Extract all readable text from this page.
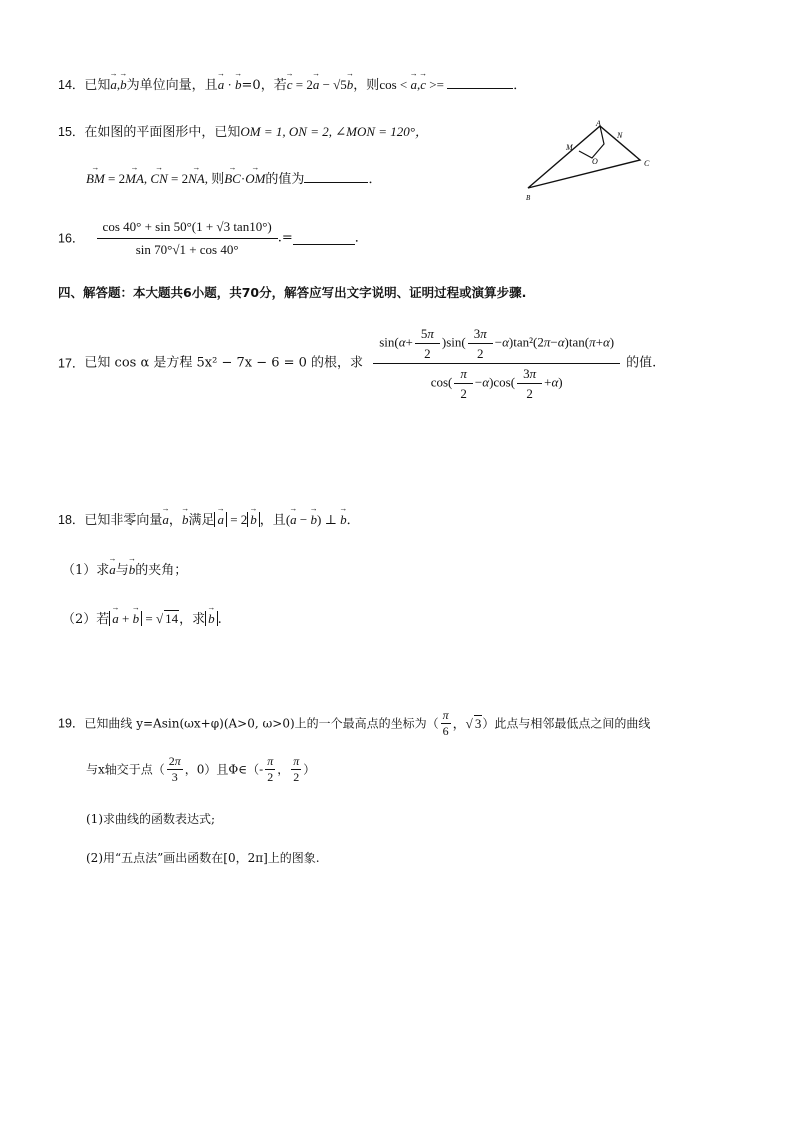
14．已知→ a,→ b为单位向量，且→ a · → b=0，若→ c = 2→ a − √5→ b，则cos < → a,→ c >=	．
15．在如图的平面图形中，已知OM = 1, ON = 2, ∠MON = 120°，
→ BM = 2→ MA, → CN = 2→ NA, 则→ BC·→ OM的值为	．
A
N
M
O	C
B
16． $\frac{\cos 40^\circ + \sin 50^\circ(1 + √3 \tan 10^\circ)}{\sin 70^\circ√1 + \cos 40^\circ}$ .=	．
四、解答题：本大题共6小题，共70分，解答应写出文字说明、证明过程或演算步骤.
17．已知 cos α 是方程 5x² − 7x − 6 = 0 的根，求 $\frac{\sin(\alpha+ \frac{5\pi}{2} )\sin( \frac{3\pi}{2} -\alpha)\tan^2(2\pi-\alpha)\tan(\pi+\alpha)}{\cos( \frac{\pi}{2} -\alpha)\cos( \frac{3\pi}{2} +\alpha)}$ 的值.
18．已知非零向量→ a，→ b满足 → a = 2 → b ，且(→ a − → b) ⊥ → b．
（1）求→ a与→ b的夹角；
（2）若 → a + → b = √ 14，求 → b .
19．已知曲线 y=Asin(ωx+φ)(A>0, ω>0)上的一个最高点的坐标为（ $\frac{\pi}{6}$ ，√ 3）此点与相邻最低点之间的曲线
与x轴交于点（ $\frac{2\pi}{3}$ ，0）且Φ∈（- $\frac{\pi}{2}$ ， $\frac{\pi}{2}$ ）
(1)求曲线的函数表达式;
(2)用“五点法”画出函数在[0，2π]上的图象.
